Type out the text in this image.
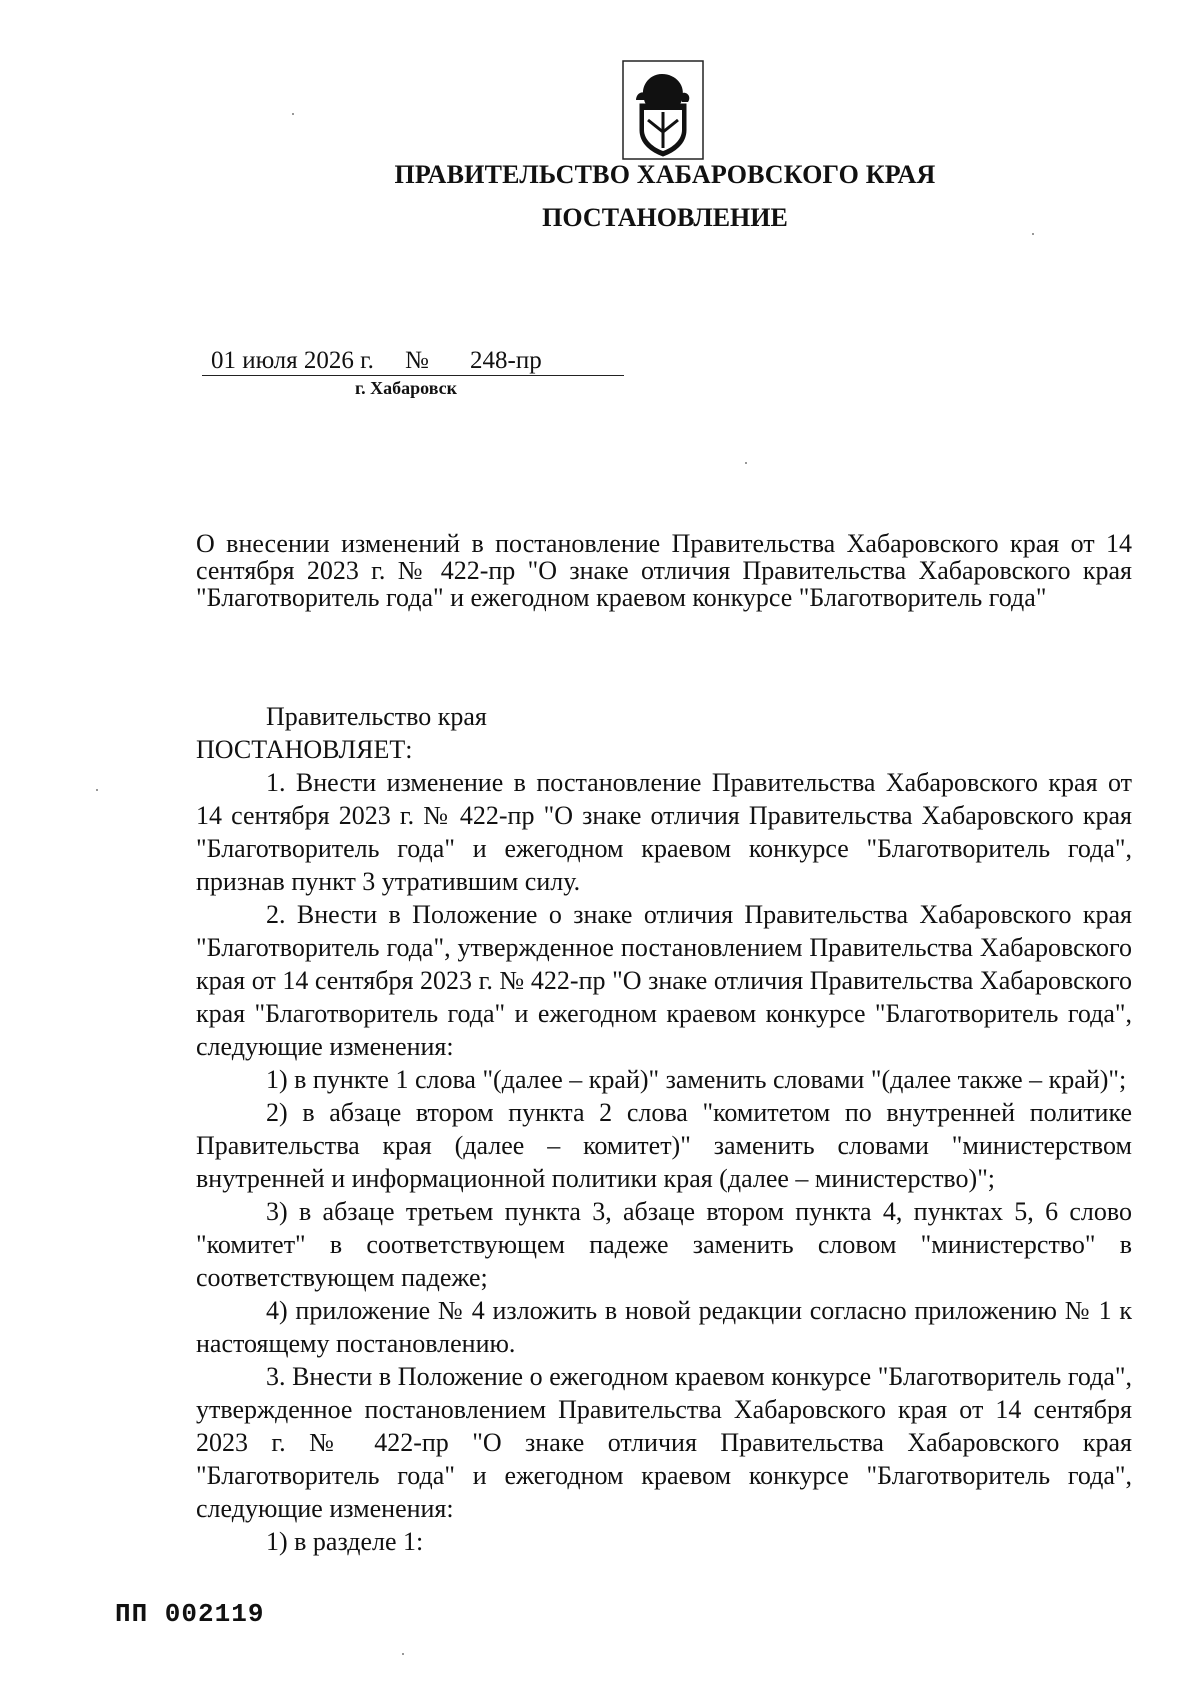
ПРАВИТЕЛЬСТВО ХАБАРОВСКОГО КРАЯ
ПОСТАНОВЛЕНИЕ
01 июля 2026 г. № 248-пр
г. Хабаровск
О внесении изменений в постановление Правительства Хабаровского края от 14 сентября 2023 г. № 422-пр "О знаке отличия Правительства Хабаровского края "Благотворитель года" и ежегодном краевом конкурсе "Благотворитель года"

Правительство края

ПОСТАНОВЛЯЕТ:

1. Внести изменение в постановление Правительства Хабаровского края от 14 сентября 2023 г. № 422-пр "О знаке отличия Правительства Хабаровского края "Благотворитель года" и ежегодном краевом конкурсе "Благотворитель года", признав пункт 3 утратившим силу.

2. Внести в Положение о знаке отличия Правительства Хабаровского края "Благотворитель года", утвержденное постановлением Правительства Хабаровского края от 14 сентября 2023 г. № 422-пр "О знаке отличия Правительства Хабаровского края "Благотворитель года" и ежегодном краевом конкурсе "Благотворитель года", следующие изменения:

1) в пункте 1 слова "(далее – край)" заменить словами "(далее также – край)";

2) в абзаце втором пункта 2 слова "комитетом по внутренней политике Правительства края (далее – комитет)" заменить словами "министерством внутренней и информационной политики края (далее – министерство)";

3) в абзаце третьем пункта 3, абзаце втором пункта 4, пунктах 5, 6 слово "комитет" в соответствующем падеже заменить словом "министерство" в соответствующем падеже;

4) приложение № 4 изложить в новой редакции согласно приложению № 1 к настоящему постановлению.

3. Внести в Положение о ежегодном краевом конкурсе "Благотворитель года", утвержденное постановлением Правительства Хабаровского края от 14 сентября 2023 г. № 422-пр "О знаке отличия Правительства Хабаровского края "Благотворитель года" и ежегодном краевом конкурсе "Благотворитель года", следующие изменения:

1) в разделе 1:

ПП 002119
